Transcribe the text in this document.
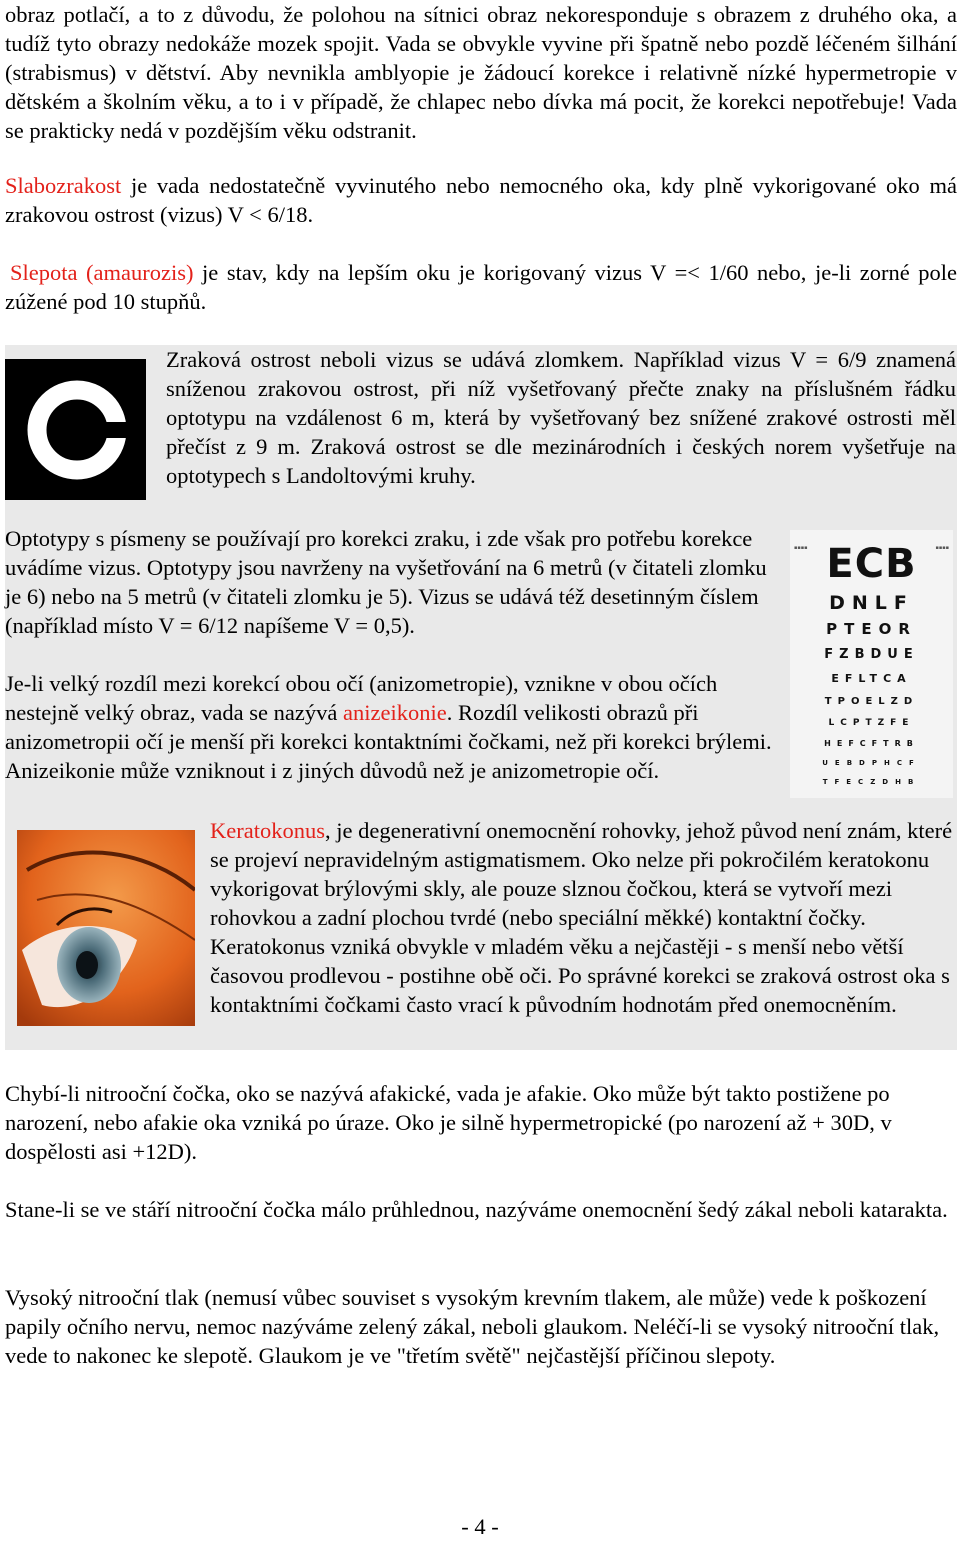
obraz potlačí, a to z důvodu, že polohou na sítnici obraz nekoresponduje s obrazem z druhého oka, a tudíž tyto obrazy nedokáže mozek spojit. Vada se obvykle vyvine při špatně nebo pozdě léčeném šilhání (strabismus) v dětství. Aby nevnikla amblyopie je žádoucí korekce i relativně nízké hypermetropie v dětském a školním věku, a to i v případě, že chlapec nebo dívka má pocit, že korekci nepotřebuje! Vada se prakticky nedá v pozdějším věku odstranit.

Slabozrakost je vada nedostatečně vyvinutého nebo nemocného oka, kdy plně vykorigované oko má zrakovou ostrost (vizus) V < 6/18.

Slepota (amaurozis) je stav, kdy na lepším oku je korigovaný vizus V =< 1/60 nebo, je-li zorné pole zúžené pod 10 stupňů.

Zraková ostrost neboli vizus se udává zlomkem. Například vizus V = 6/9 znamená sníženou zrakovou ostrost, při níž vyšetřovaný přečte znaky na příslušném řádku optotypu na vzdálenost 6 m, která by vyšetřovaný bez snížené zrakové ostrosti měl přečíst z 9 m. Zraková ostrost se dle mezinárodních i českých norem vyšetřuje na optotypech s Landoltovými kruhy.

▪▪▪▪	▪▪▪▪
ECB
DNLF
PTEOR
FZBDUE
EFLTCA
TPOELZD
LCPTZFE
HEFCFTRB
UEBDPHCF
TFECZDHB

Optotypy s písmeny se používají pro korekci zraku, i zde však pro potřebu korekce uvádíme vizus. Optotypy jsou navrženy na vyšetřování na 6 metrů (v čitateli zlomku je 6) nebo na 5 metrů (v čitateli zlomku je 5). Vizus se udává též desetinným číslem (například místo V = 6/12 napíšeme V = 0,5).

Je-li velký rozdíl mezi korekcí obou očí (anizometropie), vznikne v obou očích nestejně velký obraz, vada se nazývá anizeikonie. Rozdíl velikosti obrazů při anizometropii očí je menší při korekci kontaktními čočkami, než při korekci brýlemi. Anizeikonie může vzniknout i z jiných důvodů než je anizometropie očí.

Keratokonus, je degenerativní onemocnění rohovky, jehož původ není znám, které se projeví nepravidelným astigmatismem. Oko nelze při pokročilém keratokonu vykorigovat brýlovými skly, ale pouze slznou čočkou, která se vytvoří mezi rohovkou a zadní plochou tvrdé (nebo speciální měkké) kontaktní čočky. Keratokonus vzniká obvykle v mladém věku a nejčastěji - s menší nebo větší časovou prodlevou - postihne obě oči. Po správné korekci se zraková ostrost oka s kontaktními čočkami často vrací k původním hodnotám před onemocněním.

Chybí-li nitrooční čočka, oko se nazývá afakické, vada je afakie. Oko může být takto postižene po narození, nebo afakie oka vzniká po úraze. Oko je silně hypermetropické (po narození až + 30D, v dospělosti asi +12D).

Stane-li se ve stáří nitrooční čočka málo průhlednou, nazýváme onemocnění šedý zákal neboli katarakta.

Vysoký nitrooční tlak (nemusí vůbec souviset s vysokým krevním tlakem, ale může) vede k poškození papily očního nervu, nemoc nazýváme zelený zákal, neboli glaukom. Neléčí-li se vysoký nitrooční tlak, vede to nakonec ke slepotě. Glaukom je ve "třetím světě" nejčastější příčinou slepoty.

- 4 -
